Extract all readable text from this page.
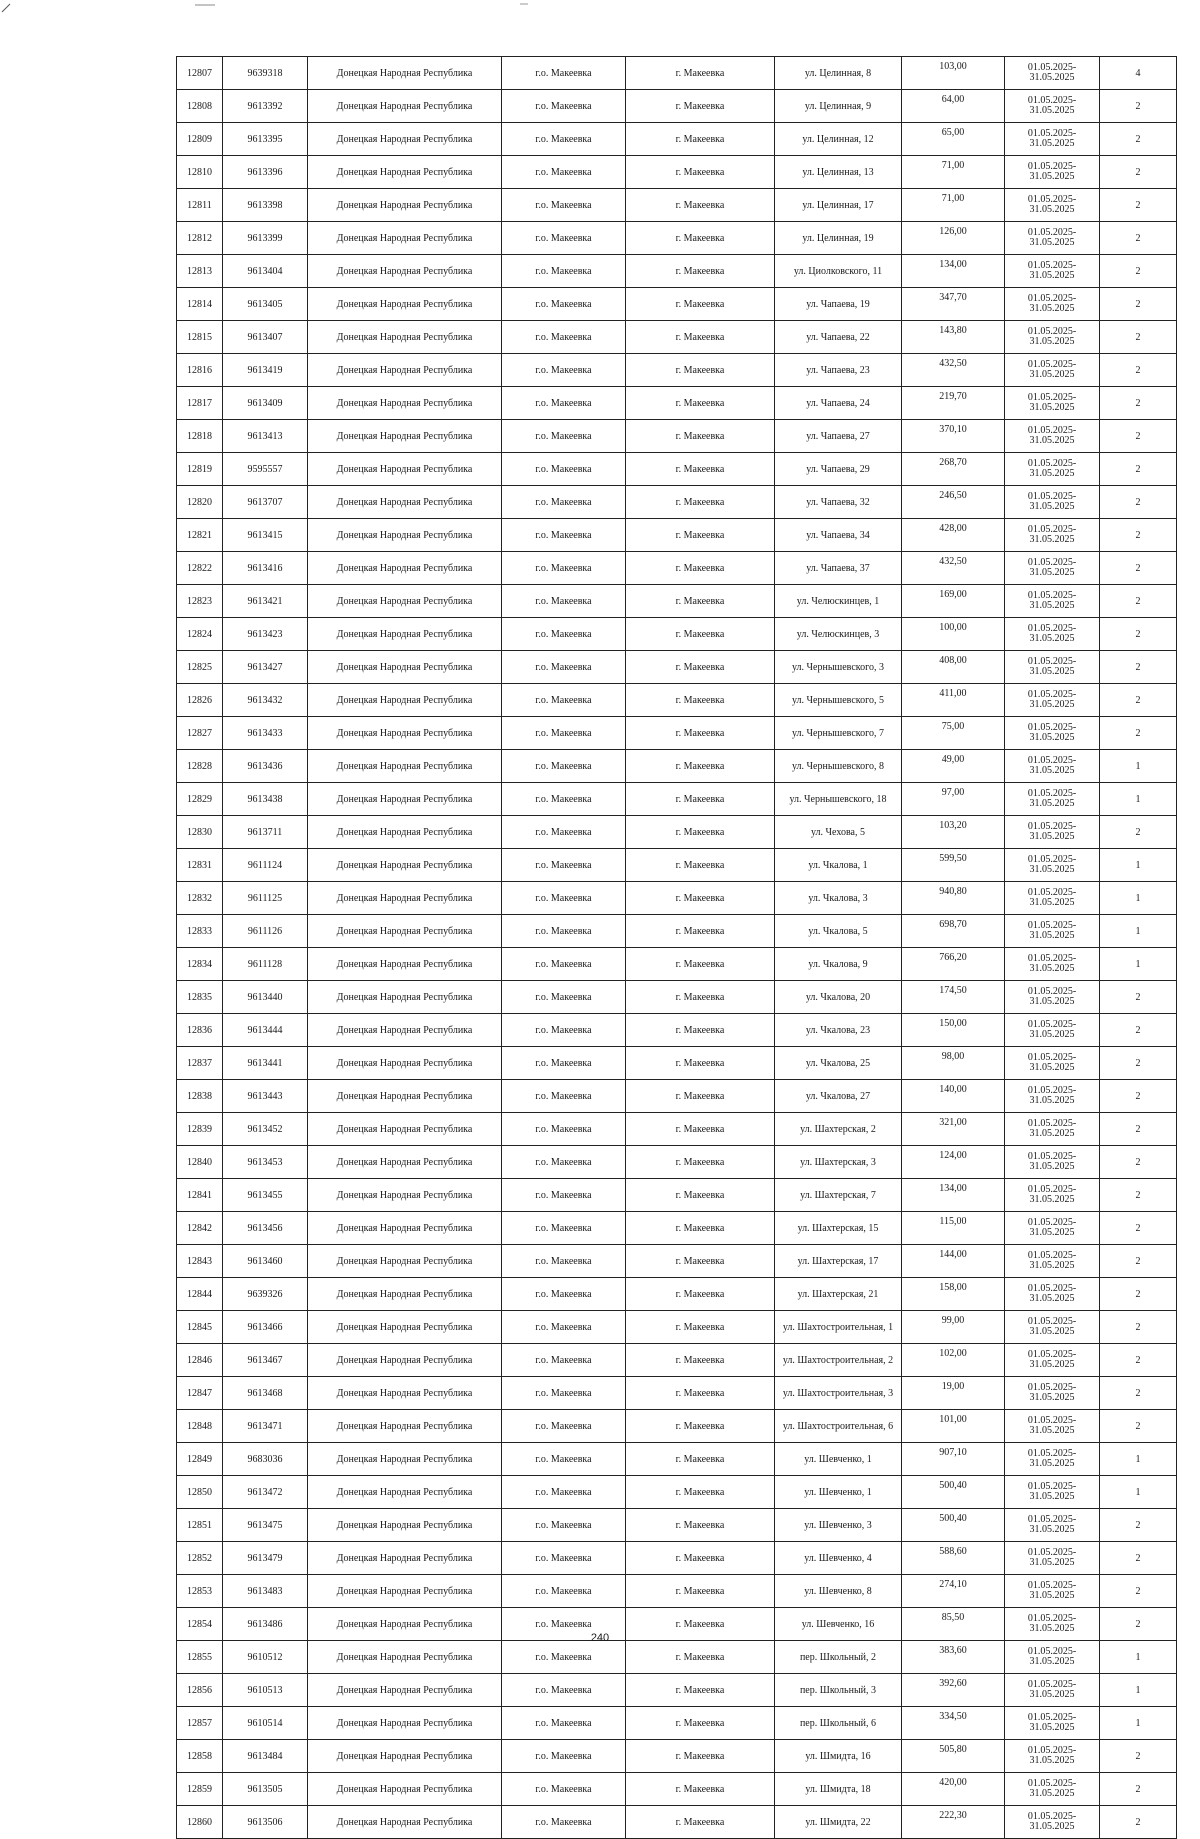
12807	9639318	Донецкая Народная Республика	г.о. Макеевка	г. Макеевка	ул. Целинная, 8	103,00	01.05.2025-31.05.2025	4
12808	9613392	Донецкая Народная Республика	г.о. Макеевка	г. Макеевка	ул. Целинная, 9	64,00	01.05.2025-31.05.2025	2
12809	9613395	Донецкая Народная Республика	г.о. Макеевка	г. Макеевка	ул. Целинная, 12	65,00	01.05.2025-31.05.2025	2
12810	9613396	Донецкая Народная Республика	г.о. Макеевка	г. Макеевка	ул. Целинная, 13	71,00	01.05.2025-31.05.2025	2
12811	9613398	Донецкая Народная Республика	г.о. Макеевка	г. Макеевка	ул. Целинная, 17	71,00	01.05.2025-31.05.2025	2
12812	9613399	Донецкая Народная Республика	г.о. Макеевка	г. Макеевка	ул. Целинная, 19	126,00	01.05.2025-31.05.2025	2
12813	9613404	Донецкая Народная Республика	г.о. Макеевка	г. Макеевка	ул. Циолковского, 11	134,00	01.05.2025-31.05.2025	2
12814	9613405	Донецкая Народная Республика	г.о. Макеевка	г. Макеевка	ул. Чапаева, 19	347,70	01.05.2025-31.05.2025	2
12815	9613407	Донецкая Народная Республика	г.о. Макеевка	г. Макеевка	ул. Чапаева, 22	143,80	01.05.2025-31.05.2025	2
12816	9613419	Донецкая Народная Республика	г.о. Макеевка	г. Макеевка	ул. Чапаева, 23	432,50	01.05.2025-31.05.2025	2
12817	9613409	Донецкая Народная Республика	г.о. Макеевка	г. Макеевка	ул. Чапаева, 24	219,70	01.05.2025-31.05.2025	2
12818	9613413	Донецкая Народная Республика	г.о. Макеевка	г. Макеевка	ул. Чапаева, 27	370,10	01.05.2025-31.05.2025	2
12819	9595557	Донецкая Народная Республика	г.о. Макеевка	г. Макеевка	ул. Чапаева, 29	268,70	01.05.2025-31.05.2025	2
12820	9613707	Донецкая Народная Республика	г.о. Макеевка	г. Макеевка	ул. Чапаева, 32	246,50	01.05.2025-31.05.2025	2
12821	9613415	Донецкая Народная Республика	г.о. Макеевка	г. Макеевка	ул. Чапаева, 34	428,00	01.05.2025-31.05.2025	2
12822	9613416	Донецкая Народная Республика	г.о. Макеевка	г. Макеевка	ул. Чапаева, 37	432,50	01.05.2025-31.05.2025	2
12823	9613421	Донецкая Народная Республика	г.о. Макеевка	г. Макеевка	ул. Челюскинцев, 1	169,00	01.05.2025-31.05.2025	2
12824	9613423	Донецкая Народная Республика	г.о. Макеевка	г. Макеевка	ул. Челюскинцев, 3	100,00	01.05.2025-31.05.2025	2
12825	9613427	Донецкая Народная Республика	г.о. Макеевка	г. Макеевка	ул. Чернышевского, 3	408,00	01.05.2025-31.05.2025	2
12826	9613432	Донецкая Народная Республика	г.о. Макеевка	г. Макеевка	ул. Чернышевского, 5	411,00	01.05.2025-31.05.2025	2
12827	9613433	Донецкая Народная Республика	г.о. Макеевка	г. Макеевка	ул. Чернышевского, 7	75,00	01.05.2025-31.05.2025	2
12828	9613436	Донецкая Народная Республика	г.о. Макеевка	г. Макеевка	ул. Чернышевского, 8	49,00	01.05.2025-31.05.2025	1
12829	9613438	Донецкая Народная Республика	г.о. Макеевка	г. Макеевка	ул. Чернышевского, 18	97,00	01.05.2025-31.05.2025	1
12830	9613711	Донецкая Народная Республика	г.о. Макеевка	г. Макеевка	ул. Чехова, 5	103,20	01.05.2025-31.05.2025	2
12831	9611124	Донецкая Народная Республика	г.о. Макеевка	г. Макеевка	ул. Чкалова, 1	599,50	01.05.2025-31.05.2025	1
12832	9611125	Донецкая Народная Республика	г.о. Макеевка	г. Макеевка	ул. Чкалова, 3	940,80	01.05.2025-31.05.2025	1
12833	9611126	Донецкая Народная Республика	г.о. Макеевка	г. Макеевка	ул. Чкалова, 5	698,70	01.05.2025-31.05.2025	1
12834	9611128	Донецкая Народная Республика	г.о. Макеевка	г. Макеевка	ул. Чкалова, 9	766,20	01.05.2025-31.05.2025	1
12835	9613440	Донецкая Народная Республика	г.о. Макеевка	г. Макеевка	ул. Чкалова, 20	174,50	01.05.2025-31.05.2025	2
12836	9613444	Донецкая Народная Республика	г.о. Макеевка	г. Макеевка	ул. Чкалова, 23	150,00	01.05.2025-31.05.2025	2
12837	9613441	Донецкая Народная Республика	г.о. Макеевка	г. Макеевка	ул. Чкалова, 25	98,00	01.05.2025-31.05.2025	2
12838	9613443	Донецкая Народная Республика	г.о. Макеевка	г. Макеевка	ул. Чкалова, 27	140,00	01.05.2025-31.05.2025	2
12839	9613452	Донецкая Народная Республика	г.о. Макеевка	г. Макеевка	ул. Шахтерская, 2	321,00	01.05.2025-31.05.2025	2
12840	9613453	Донецкая Народная Республика	г.о. Макеевка	г. Макеевка	ул. Шахтерская, 3	124,00	01.05.2025-31.05.2025	2
12841	9613455	Донецкая Народная Республика	г.о. Макеевка	г. Макеевка	ул. Шахтерская, 7	134,00	01.05.2025-31.05.2025	2
12842	9613456	Донецкая Народная Республика	г.о. Макеевка	г. Макеевка	ул. Шахтерская, 15	115,00	01.05.2025-31.05.2025	2
12843	9613460	Донецкая Народная Республика	г.о. Макеевка	г. Макеевка	ул. Шахтерская, 17	144,00	01.05.2025-31.05.2025	2
12844	9639326	Донецкая Народная Республика	г.о. Макеевка	г. Макеевка	ул. Шахтерская, 21	158,00	01.05.2025-31.05.2025	2
12845	9613466	Донецкая Народная Республика	г.о. Макеевка	г. Макеевка	ул. Шахтостроительная, 1	99,00	01.05.2025-31.05.2025	2
12846	9613467	Донецкая Народная Республика	г.о. Макеевка	г. Макеевка	ул. Шахтостроительная, 2	102,00	01.05.2025-31.05.2025	2
12847	9613468	Донецкая Народная Республика	г.о. Макеевка	г. Макеевка	ул. Шахтостроительная, 3	19,00	01.05.2025-31.05.2025	2
12848	9613471	Донецкая Народная Республика	г.о. Макеевка	г. Макеевка	ул. Шахтостроительная, 6	101,00	01.05.2025-31.05.2025	2
12849	9683036	Донецкая Народная Республика	г.о. Макеевка	г. Макеевка	ул. Шевченко, 1	907,10	01.05.2025-31.05.2025	1
12850	9613472	Донецкая Народная Республика	г.о. Макеевка	г. Макеевка	ул. Шевченко, 1	500,40	01.05.2025-31.05.2025	1
12851	9613475	Донецкая Народная Республика	г.о. Макеевка	г. Макеевка	ул. Шевченко, 3	500,40	01.05.2025-31.05.2025	2
12852	9613479	Донецкая Народная Республика	г.о. Макеевка	г. Макеевка	ул. Шевченко, 4	588,60	01.05.2025-31.05.2025	2
12853	9613483	Донецкая Народная Республика	г.о. Макеевка	г. Макеевка	ул. Шевченко, 8	274,10	01.05.2025-31.05.2025	2
12854	9613486	Донецкая Народная Республика	г.о. Макеевка	г. Макеевка	ул. Шевченко, 16	85,50	01.05.2025-31.05.2025	2
12855	9610512	Донецкая Народная Республика	г.о. Макеевка	г. Макеевка	пер. Школьный, 2	383,60	01.05.2025-31.05.2025	1
12856	9610513	Донецкая Народная Республика	г.о. Макеевка	г. Макеевка	пер. Школьный, 3	392,60	01.05.2025-31.05.2025	1
12857	9610514	Донецкая Народная Республика	г.о. Макеевка	г. Макеевка	пер. Школьный, 6	334,50	01.05.2025-31.05.2025	1
12858	9613484	Донецкая Народная Республика	г.о. Макеевка	г. Макеевка	ул. Шмидта, 16	505,80	01.05.2025-31.05.2025	2
12859	9613505	Донецкая Народная Республика	г.о. Макеевка	г. Макеевка	ул. Шмидта, 18	420,00	01.05.2025-31.05.2025	2
12860	9613506	Донецкая Народная Республика	г.о. Макеевка	г. Макеевка	ул. Шмидта, 22	222,30	01.05.2025-31.05.2025	2
240
